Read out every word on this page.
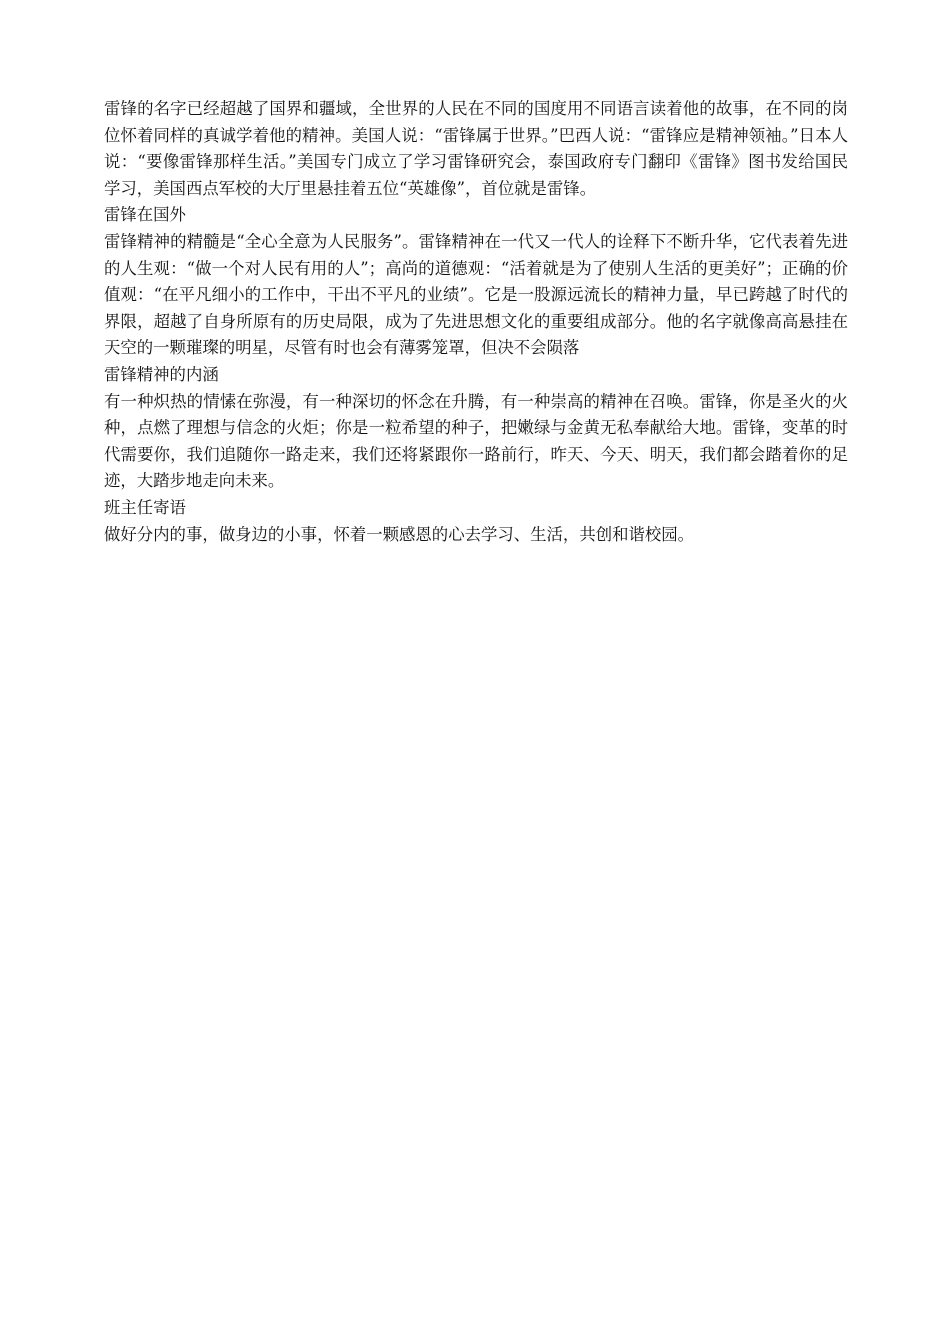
雷锋的名字已经超越了国界和疆域，全世界的人民在不同的国度用不同语言读着他的故事，在不同的岗位怀着同样的真诚学着他的精神。美国人说：“雷锋属于世界。”巴西人说：“雷锋应是精神领袖。”日本人说：“要像雷锋那样生活。”美国专门成立了学习雷锋研究会，泰国政府专门翻印《雷锋》图书发给国民学习，美国西点军校的大厅里悬挂着五位“英雄像”，首位就是雷锋。

雷锋在国外

雷锋精神的精髓是“全心全意为人民服务”。雷锋精神在一代又一代人的诠释下不断升华，它代表着先进的人生观：“做一个对人民有用的人”；高尚的道德观：“活着就是为了使别人生活的更美好”；正确的价值观：“在平凡细小的工作中，干出不平凡的业绩”。它是一股源远流长的精神力量，早已跨越了时代的界限，超越了自身所原有的历史局限，成为了先进思想文化的重要组成部分。他的名字就像高高悬挂在天空的一颗璀璨的明星，尽管有时也会有薄雾笼罩，但决不会陨落

雷锋精神的内涵

有一种炽热的情愫在弥漫，有一种深切的怀念在升腾，有一种崇高的精神在召唤。雷锋，你是圣火的火种，点燃了理想与信念的火炬；你是一粒希望的种子，把嫩绿与金黄无私奉献给大地。雷锋，变革的时代需要你，我们追随你一路走来，我们还将紧跟你一路前行，昨天、今天、明天，我们都会踏着你的足迹，大踏步地走向未来。

班主任寄语

做好分内的事，做身边的小事，怀着一颗感恩的心去学习、生活，共创和谐校园。
